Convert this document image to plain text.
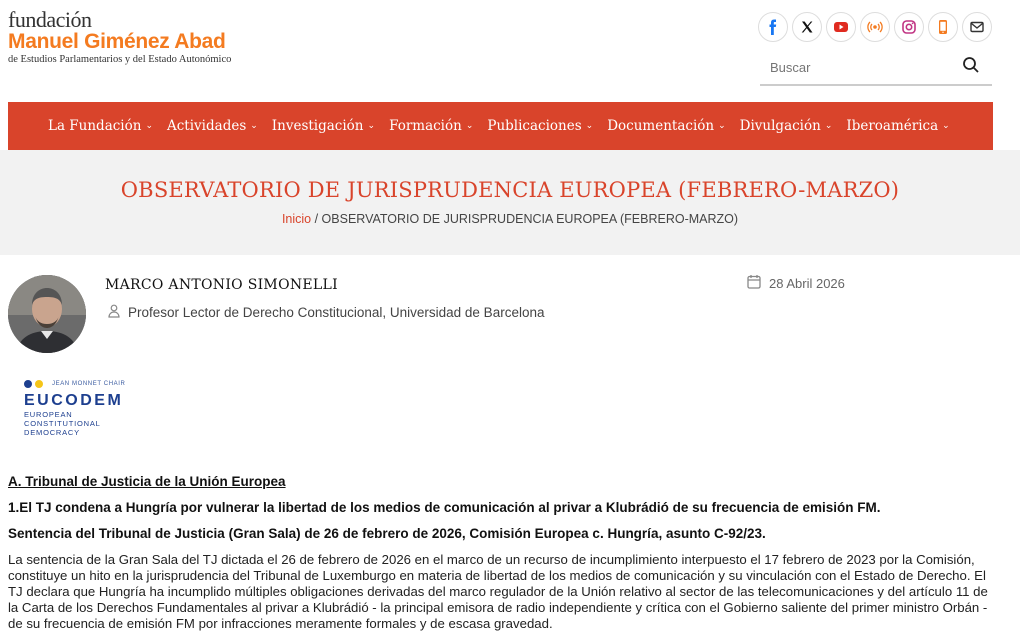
fundación
Manuel Giménez Abad
de Estudios Parlamentarios y del Estado Autonómico
Buscar
La Fundación ⌄ Actividades ⌄ Investigación ⌄ Formación ⌄ Publicaciones ⌄ Documentación ⌄ Divulgación ⌄ Iberoamérica ⌄
OBSERVATORIO DE JURISPRUDENCIA EUROPEA (FEBRERO-MARZO)
Inicio / OBSERVATORIO DE JURISPRUDENCIA EUROPEA (FEBRERO-MARZO)
MARCO ANTONIO SIMONELLI
Profesor Lector de Derecho Constitucional, Universidad de Barcelona
28 Abril 2026
JEAN MONNET CHAIR
EUCODEM
EUROPEAN
CONSTITUTIONAL
DEMOCRACY
A. Tribunal de Justicia de la Unión Europea
1.El TJ condena a Hungría por vulnerar la libertad de los medios de comunicación al privar a Klubrádió de su frecuencia de emisión FM.
Sentencia del Tribunal de Justicia (Gran Sala) de 26 de febrero de 2026, Comisión Europea c. Hungría, asunto C-92/23.
La sentencia de la Gran Sala del TJ dictada el 26 de febrero de 2026 en el marco de un recurso de incumplimiento interpuesto el 17 febrero de 2023 por la Comisión, constituye un hito en la jurisprudencia del Tribunal de Luxemburgo en materia de libertad de los medios de comunicación y su vinculación con el Estado de Derecho. El TJ declara que Hungría ha incumplido múltiples obligaciones derivadas del marco regulador de la Unión relativo al sector de las telecomunicaciones y del artículo 11 de la Carta de los Derechos Fundamentales al privar a Klubrádió - la principal emisora de radio independiente y crítica con el Gobierno saliente del primer ministro Orbán - de su frecuencia de emisión FM por infracciones meramente formales y de escasa gravedad.
